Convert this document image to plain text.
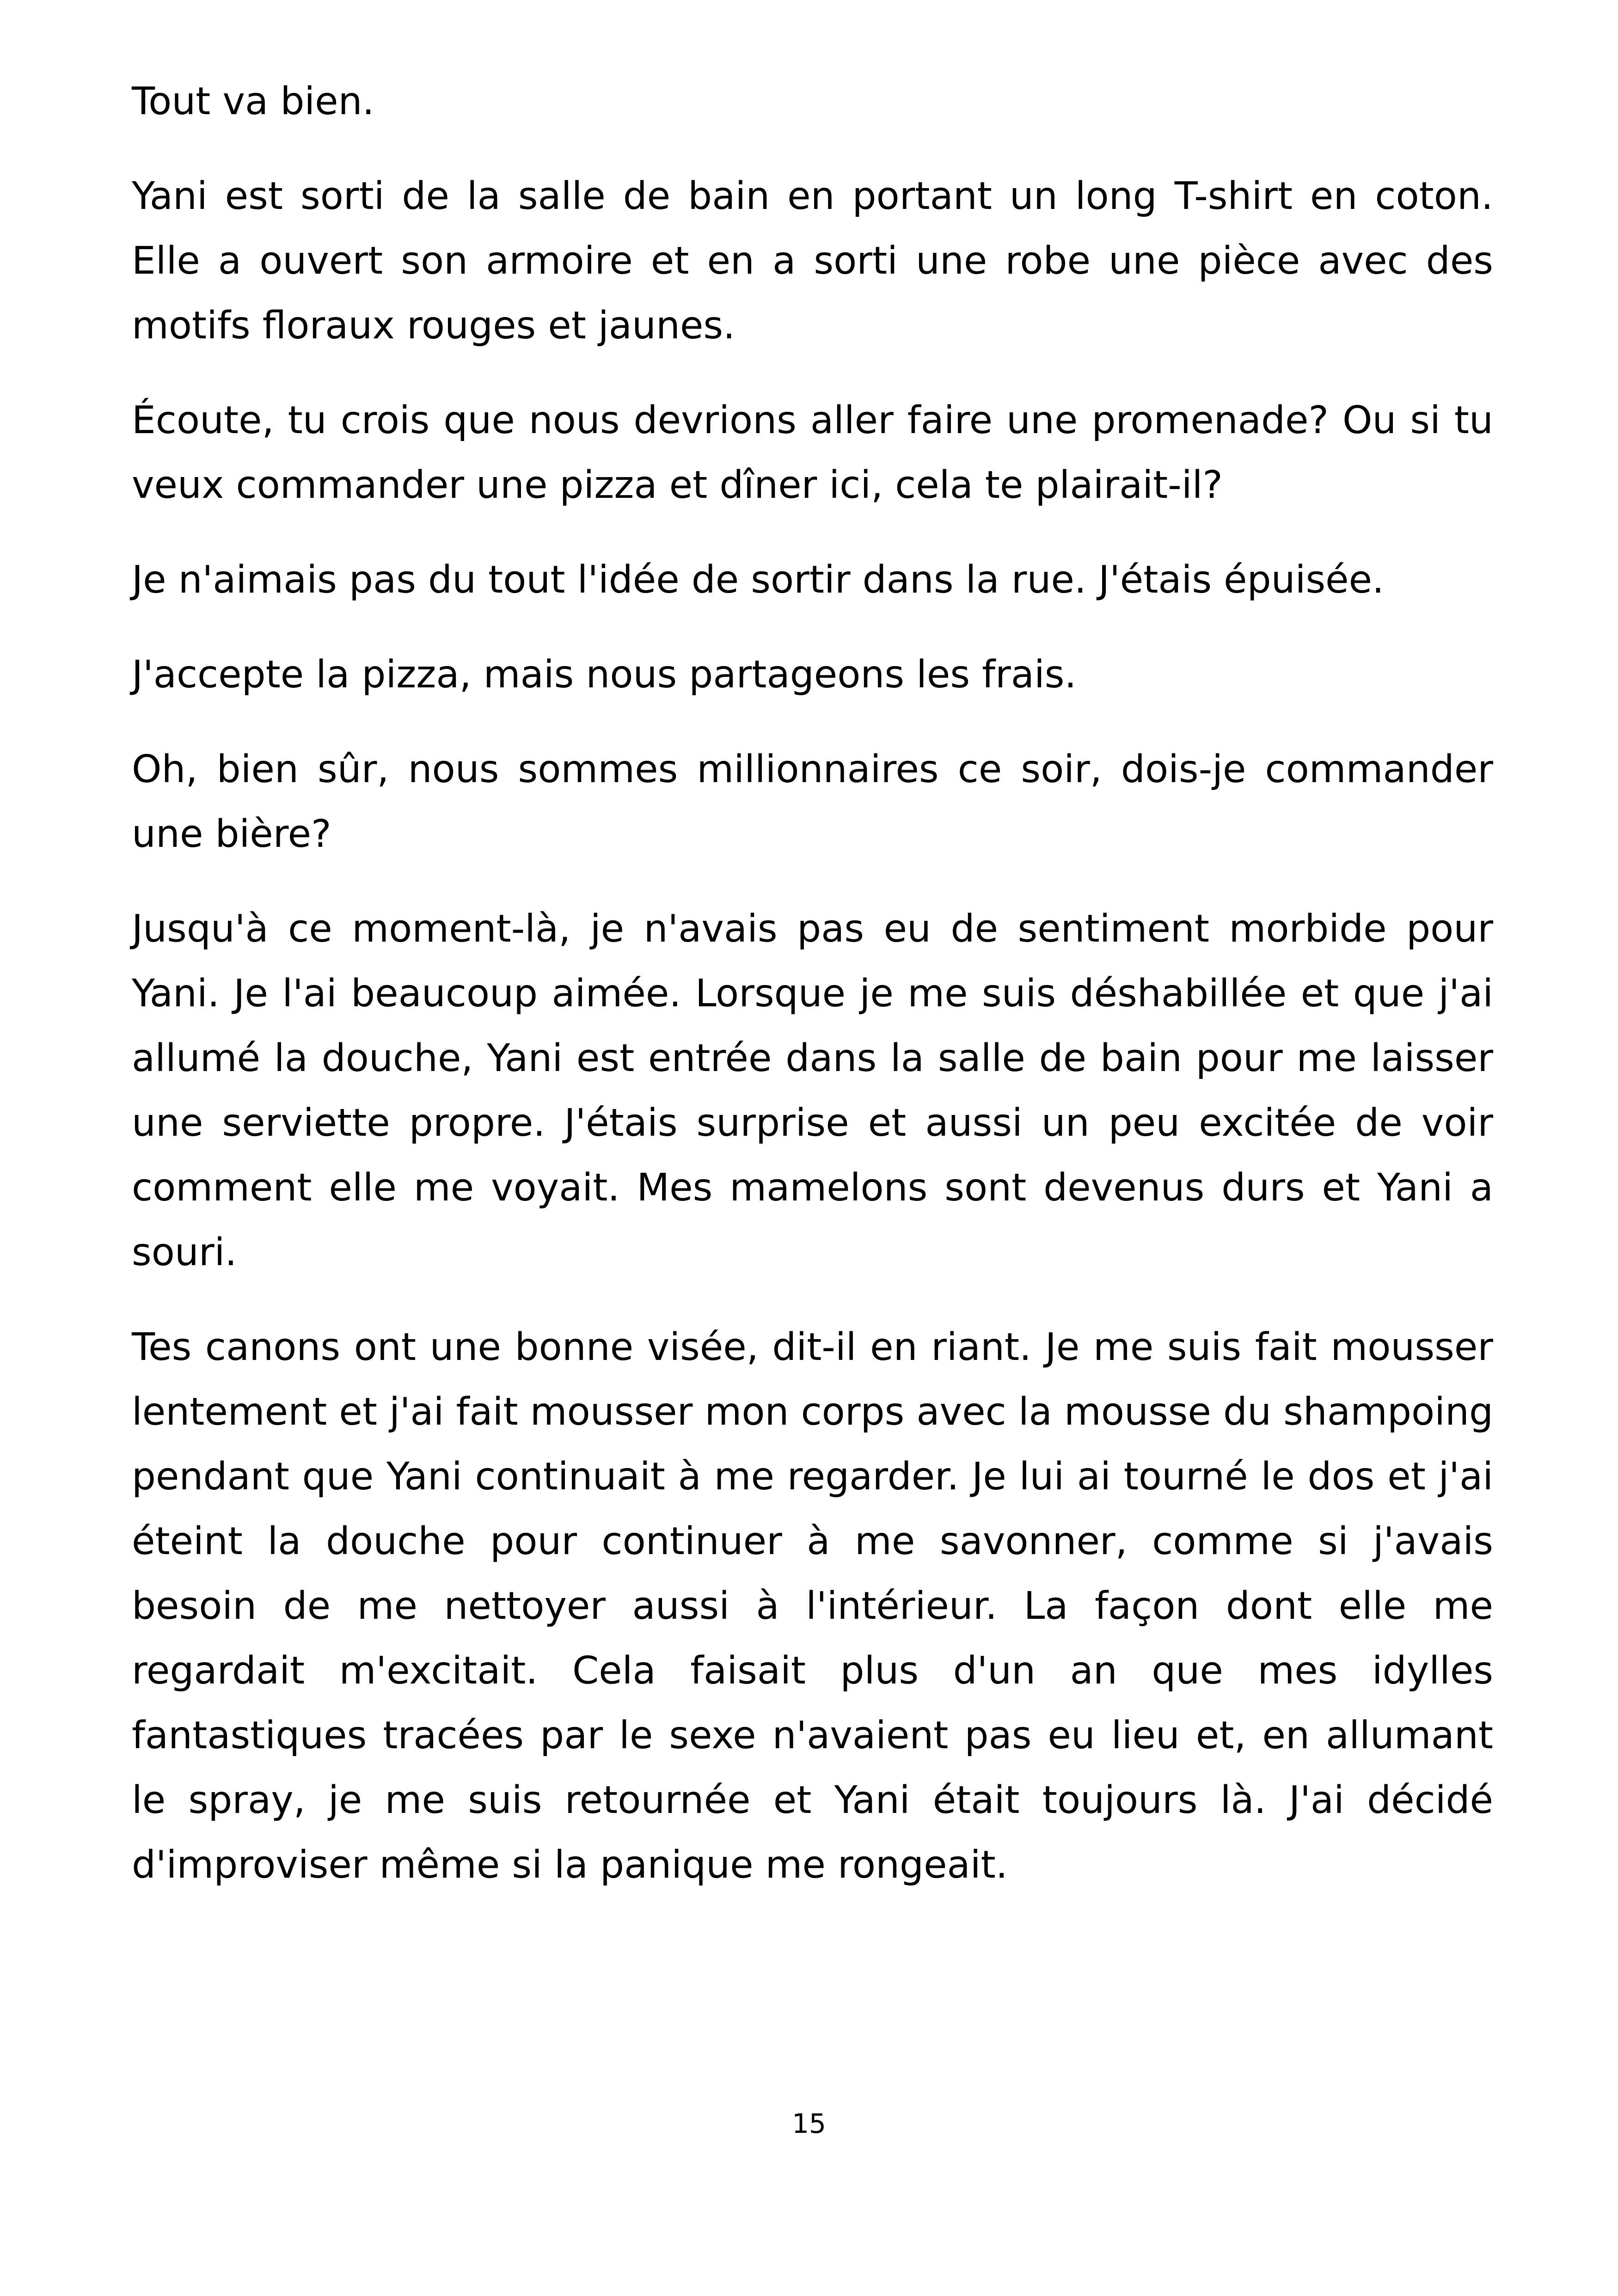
Tout va bien.

Yani est sorti de la salle de bain en portant un long T-shirt en coton. Elle a ouvert son armoire et en a sorti une robe une pièce avec des motifs floraux rouges et jaunes.

Écoute, tu crois que nous devrions aller faire une promenade? Ou si tu veux commander une pizza et dîner ici, cela te plairait-il?

Je n'aimais pas du tout l'idée de sortir dans la rue. J'étais épuisée.

J'accepte la pizza, mais nous partageons les frais.

Oh, bien sûr, nous sommes millionnaires ce soir, dois-je commander une bière?

Jusqu'à ce moment-là, je n'avais pas eu de sentiment morbide pour Yani. Je l'ai beaucoup aimée. Lorsque je me suis déshabillée et que j'ai allumé la douche, Yani est entrée dans la salle de bain pour me laisser une serviette propre. J'étais surprise et aussi un peu excitée de voir comment elle me voyait. Mes mamelons sont devenus durs et Yani a souri.

Tes canons ont une bonne visée, dit-il en riant. Je me suis fait mousser lentement et j'ai fait mousser mon corps avec la mousse du shampoing pendant que Yani continuait à me regarder. Je lui ai tourné le dos et j'ai éteint la douche pour continuer à me savonner, comme si j'avais besoin de me nettoyer aussi à l'intérieur. La façon dont elle me regardait m'excitait. Cela faisait plus d'un an que mes idylles fantastiques tracées par le sexe n'avaient pas eu lieu et, en allumant le spray, je me suis retournée et Yani était toujours là. J'ai décidé d'improviser même si la panique me rongeait.

15
